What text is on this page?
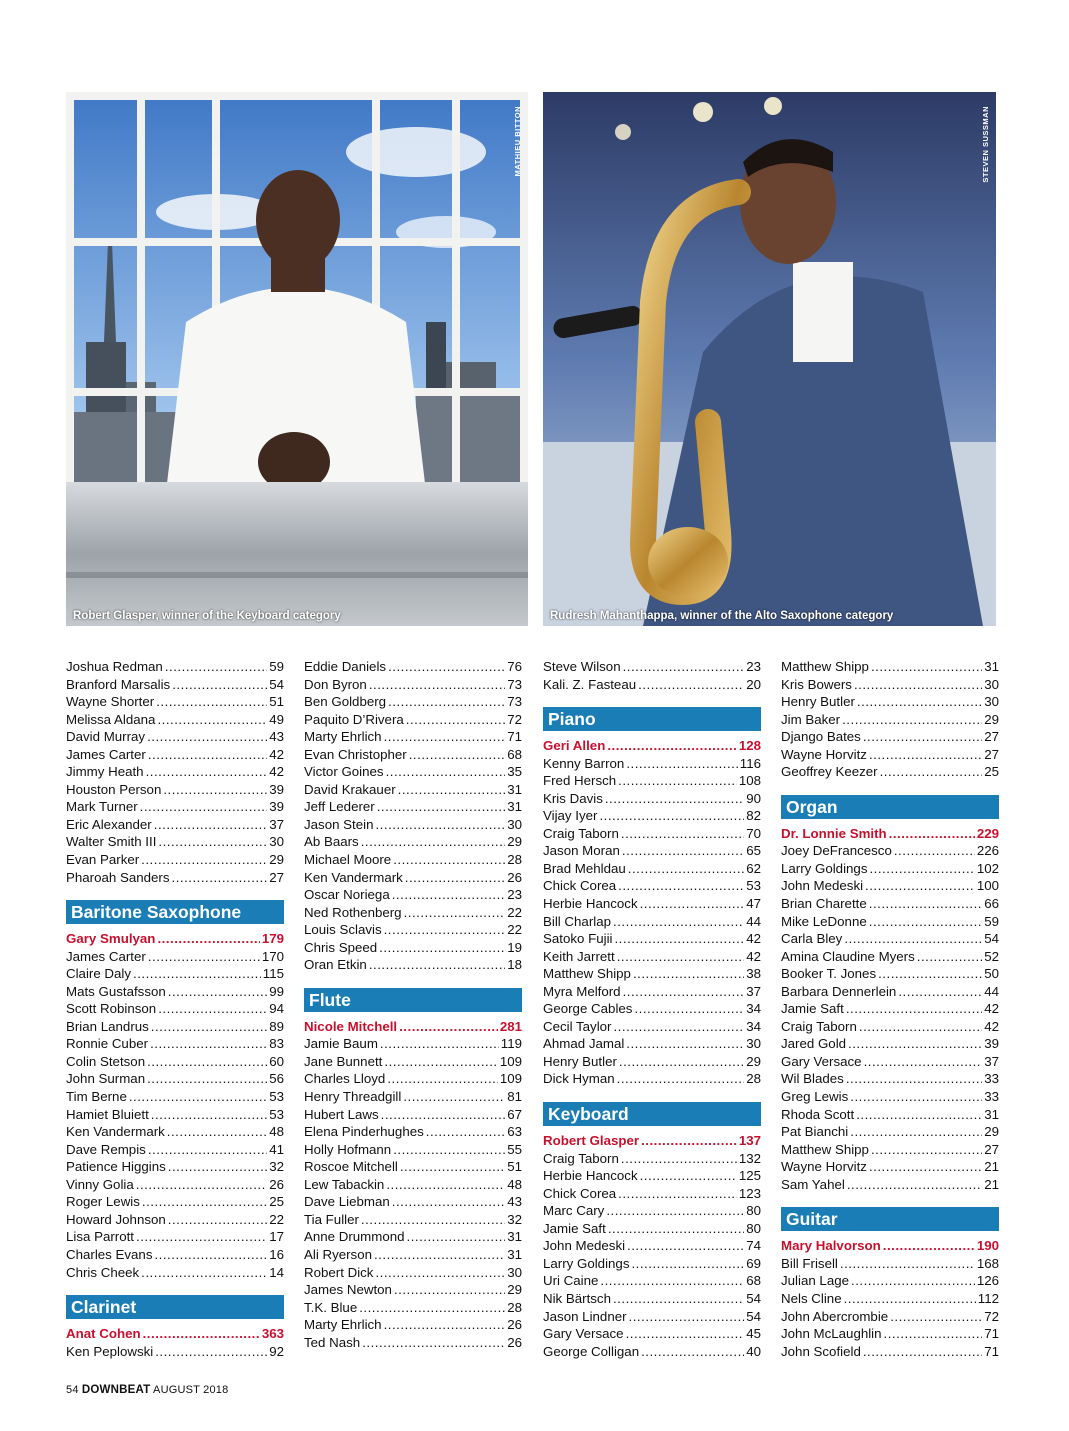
MATHIEU BITTON
Robert Glasper, winner of the Keyboard category
STEVEN SUSSMAN
Rudresh Mahanthappa, winner of the Alto Saxophone category
Joshua Redman .....	59
Branford Marsalis .....	54
Wayne Shorter .....	51
Melissa Aldana .....	49
David Murray .....	43
James Carter .....	42
Jimmy Heath .....	42
Houston Person .....	39
Mark Turner .....	39
Eric Alexander .....	37
Walter Smith III .....	30
Evan Parker .....	29
Pharoah Sanders .....	27
Baritone Saxophone
Gary Smulyan .....	179
James Carter .....	170
Claire Daly .....	115
Mats Gustafsson .....	99
Scott Robinson .....	94
Brian Landrus .....	89
Ronnie Cuber .....	83
Colin Stetson .....	60
John Surman .....	56
Tim Berne .....	53
Hamiet Bluiett .....	53
Ken Vandermark .....	48
Dave Rempis .....	41
Patience Higgins .....	32
Vinny Golia .....	26
Roger Lewis .....	25
Howard Johnson .....	22
Lisa Parrott .....	17
Charles Evans .....	16
Chris Cheek .....	14
Clarinet
Anat Cohen .....	363
Ken Peplowski .....	92
Eddie Daniels .....	76
Don Byron .....	73
Ben Goldberg .....	73
Paquito D’Rivera .....	72
Marty Ehrlich .....	71
Evan Christopher .....	68
Victor Goines .....	35
David Krakauer .....	31
Jeff Lederer .....	31
Jason Stein .....	30
Ab Baars .....	29
Michael Moore .....	28
Ken Vandermark .....	26
Oscar Noriega .....	23
Ned Rothenberg .....	22
Louis Sclavis .....	22
Chris Speed .....	19
Oran Etkin .....	18
Flute
Nicole Mitchell .....	281
Jamie Baum .....	119
Jane Bunnett .....	109
Charles Lloyd .....	109
Henry Threadgill .....	81
Hubert Laws .....	67
Elena Pinderhughes .....	63
Holly Hofmann .....	55
Roscoe Mitchell .....	51
Lew Tabackin .....	48
Dave Liebman .....	43
Tia Fuller .....	32
Anne Drummond .....	31
Ali Ryerson .....	31
Robert Dick .....	30
James Newton .....	29
T.K. Blue .....	28
Marty Ehrlich .....	26
Ted Nash .....	26
Steve Wilson .....	23
Kali. Z. Fasteau .....	20
Piano
Geri Allen .....	128
Kenny Barron .....	116
Fred Hersch .....	108
Kris Davis .....	90
Vijay Iyer .....	82
Craig Taborn .....	70
Jason Moran .....	65
Brad Mehldau .....	62
Chick Corea .....	53
Herbie Hancock .....	47
Bill Charlap .....	44
Satoko Fujii .....	42
Keith Jarrett .....	42
Matthew Shipp .....	38
Myra Melford .....	37
George Cables .....	34
Cecil Taylor .....	34
Ahmad Jamal .....	30
Henry Butler .....	29
Dick Hyman .....	28
Keyboard
Robert Glasper .....	137
Craig Taborn .....	132
Herbie Hancock .....	125
Chick Corea .....	123
Marc Cary .....	80
Jamie Saft .....	80
John Medeski .....	74
Larry Goldings .....	69
Uri Caine .....	68
Nik Bärtsch .....	54
Jason Lindner .....	54
Gary Versace .....	45
George Colligan .....	40
Matthew Shipp .....	31
Kris Bowers .....	30
Henry Butler .....	30
Jim Baker .....	29
Django Bates .....	27
Wayne Horvitz .....	27
Geoffrey Keezer .....	25
Organ
Dr. Lonnie Smith .....	229
Joey DeFrancesco .....	226
Larry Goldings .....	102
John Medeski .....	100
Brian Charette .....	66
Mike LeDonne .....	59
Carla Bley .....	54
Amina Claudine Myers .....	52
Booker T. Jones .....	50
Barbara Dennerlein .....	44
Jamie Saft .....	42
Craig Taborn .....	42
Jared Gold .....	39
Gary Versace .....	37
Wil Blades .....	33
Greg Lewis .....	33
Rhoda Scott .....	31
Pat Bianchi .....	29
Matthew Shipp .....	27
Wayne Horvitz .....	21
Sam Yahel .....	21
Guitar
Mary Halvorson .....	190
Bill Frisell .....	168
Julian Lage .....	126
Nels Cline .....	112
John Abercrombie .....	72
John McLaughlin .....	71
John Scofield .....	71
54 DOWNBEAT AUGUST 2018
